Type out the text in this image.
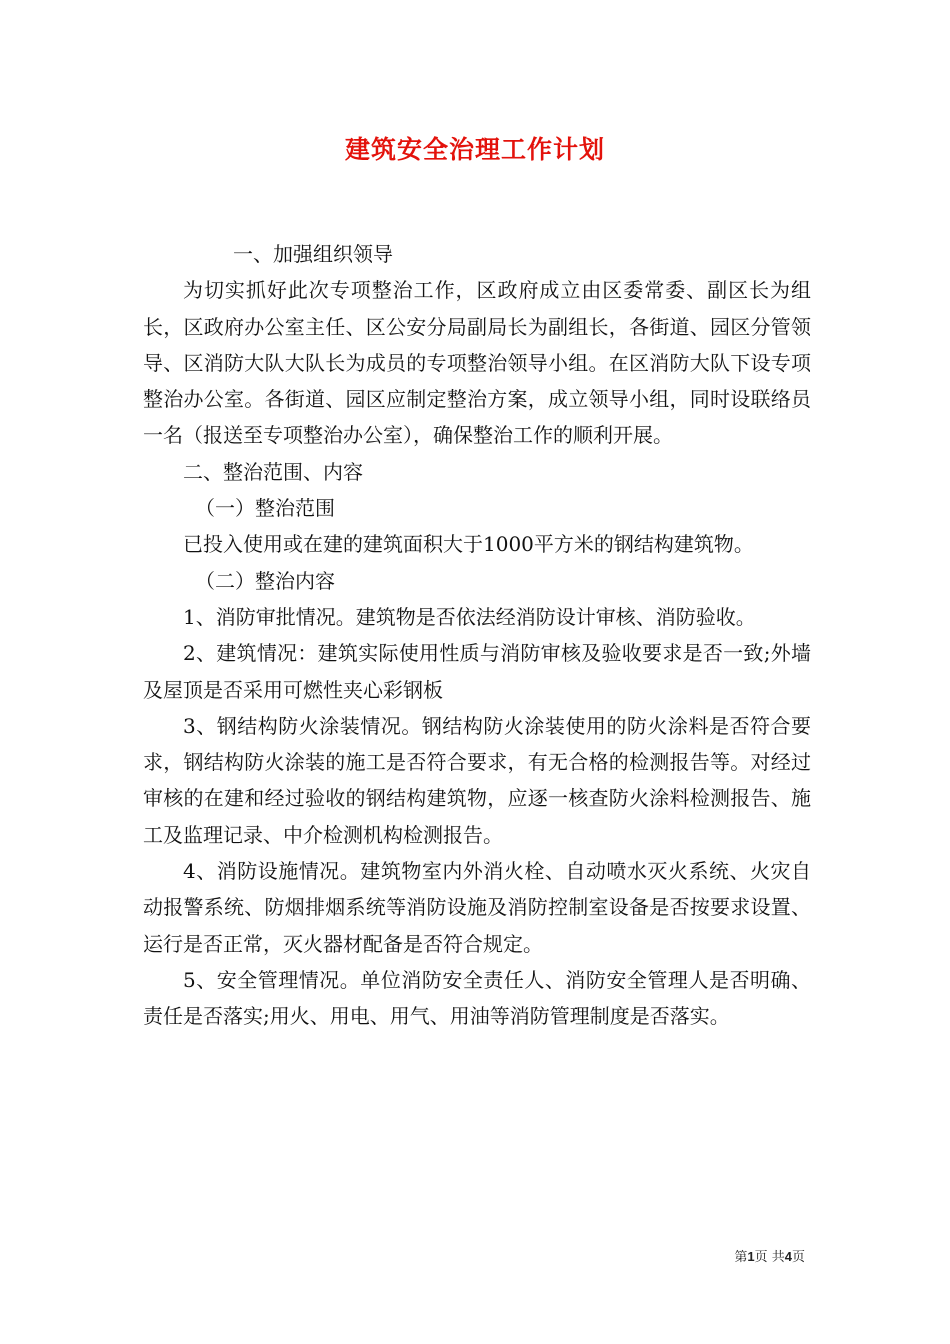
建筑安全治理工作计划

一、加强组织领导

为切实抓好此次专项整治工作，区政府成立由区委常委、副区长为组长，区政府办公室主任、区公安分局副局长为副组长，各街道、园区分管领导、区消防大队大队长为成员的专项整治领导小组。在区消防大队下设专项整治办公室。各街道、园区应制定整治方案，成立领导小组，同时设联络员一名（报送至专项整治办公室），确保整治工作的顺利开展。

二、整治范围、内容

（一）整治范围

已投入使用或在建的建筑面积大于1000平方米的钢结构建筑物。

（二）整治内容

1、消防审批情况。建筑物是否依法经消防设计审核、消防验收。

2、建筑情况：建筑实际使用性质与消防审核及验收要求是否一致;外墙及屋顶是否采用可燃性夹心彩钢板

3、钢结构防火涂装情况。钢结构防火涂装使用的防火涂料是否符合要求，钢结构防火涂装的施工是否符合要求，有无合格的检测报告等。对经过审核的在建和经过验收的钢结构建筑物，应逐一核查防火涂料检测报告、施工及监理记录、中介检测机构检测报告。

4、消防设施情况。建筑物室内外消火栓、自动喷水灭火系统、火灾自动报警系统、防烟排烟系统等消防设施及消防控制室设备是否按要求设置、运行是否正常，灭火器材配备是否符合规定。

5、安全管理情况。单位消防安全责任人、消防安全管理人是否明确、责任是否落实;用火、用电、用气、用油等消防管理制度是否落实。

第1页 共4页
